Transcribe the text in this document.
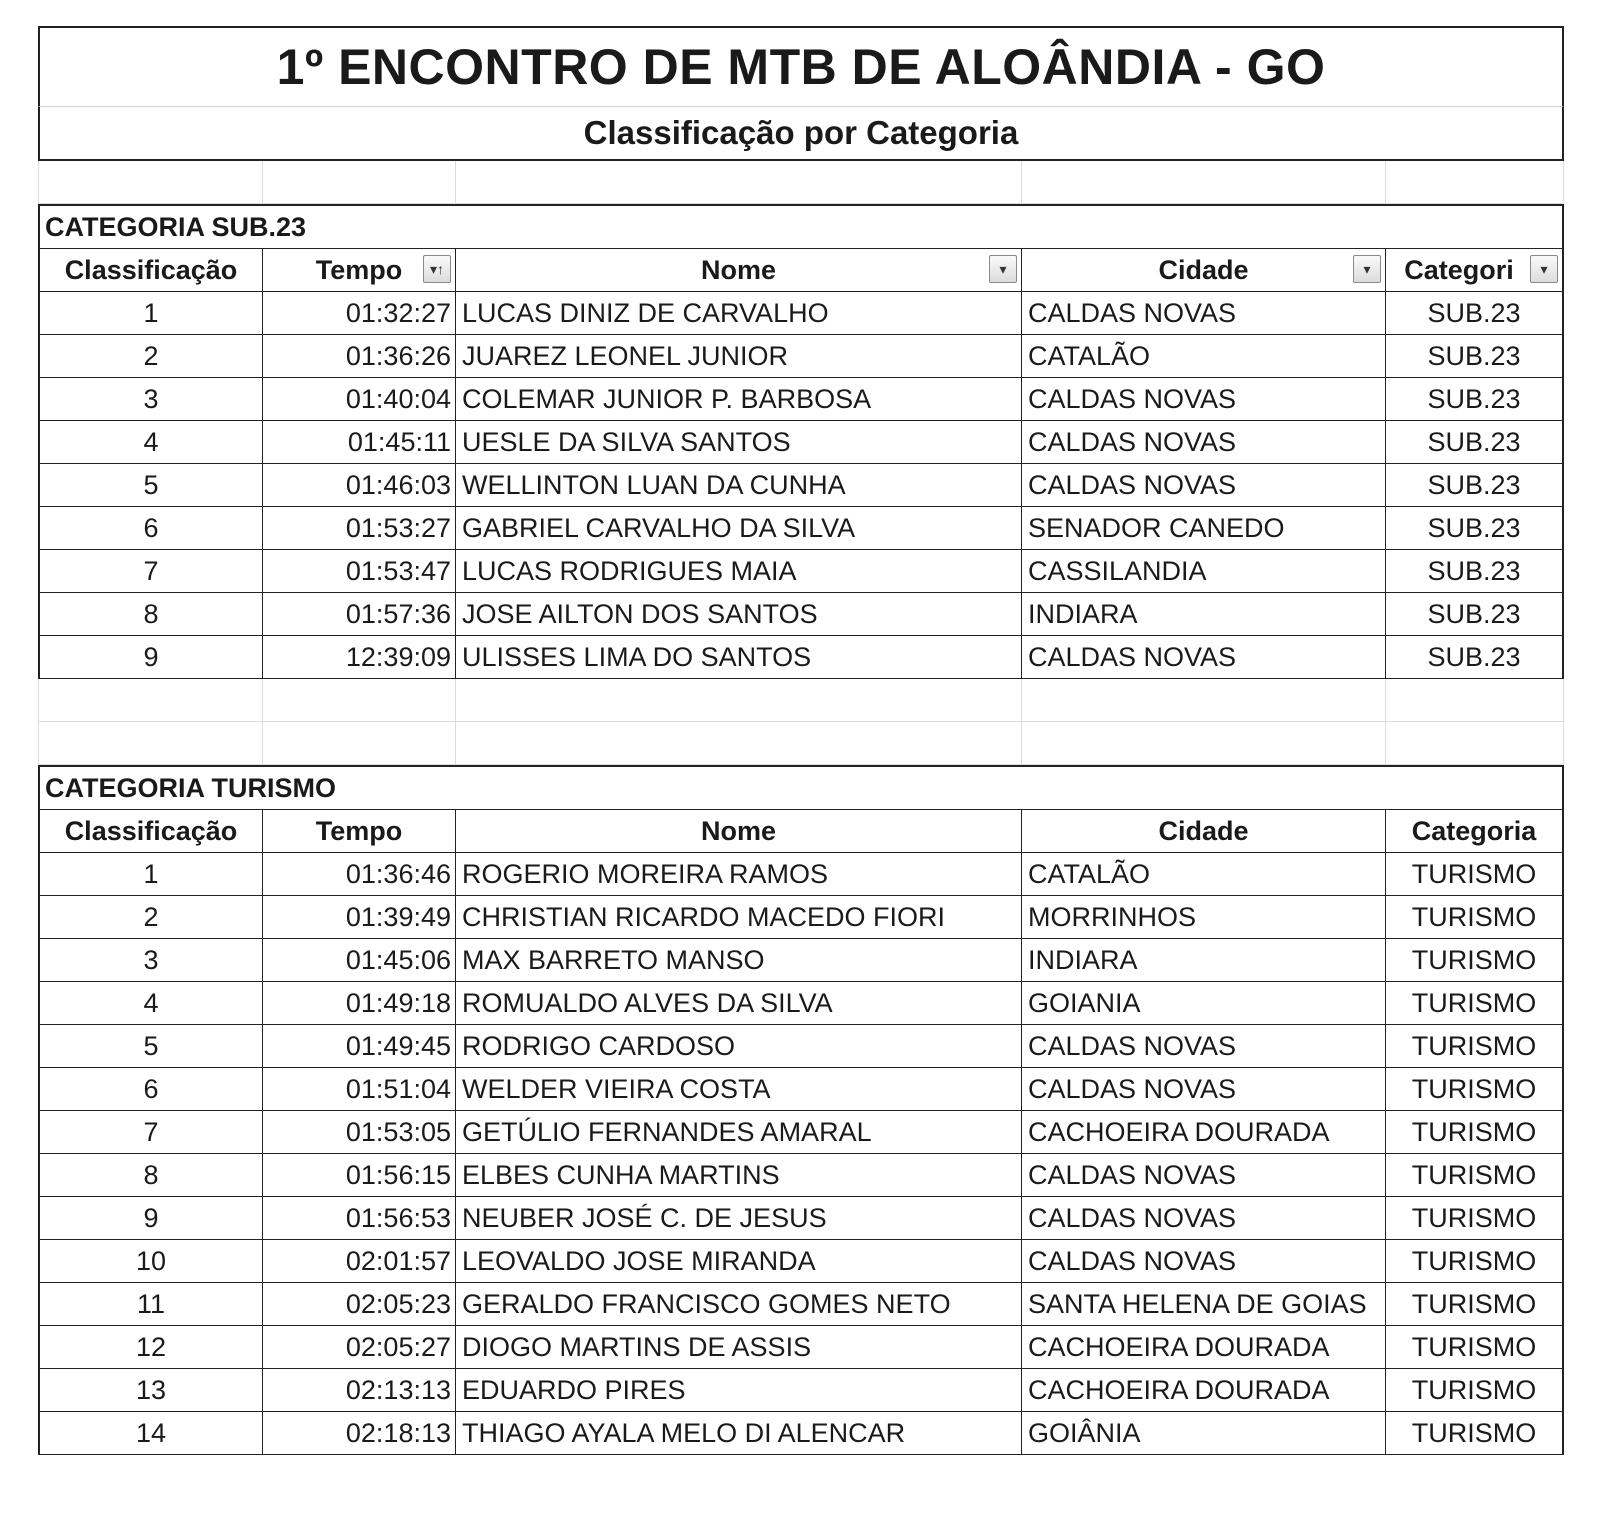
1º ENCONTRO DE MTB DE ALOÂNDIA - GO
Classificação por Categoria
CATEGORIA SUB.23
Classificação	Tempo	▾↑	Nome	▾	Cidade	▾	Categori	▾
1	01:32:27 LUCAS DINIZ DE CARVALHO	CALDAS NOVAS	SUB.23
2	01:36:26 JUAREZ LEONEL JUNIOR	CATALÃO	SUB.23
3	01:40:04 COLEMAR JUNIOR P. BARBOSA	CALDAS NOVAS	SUB.23
4	01:45:11 UESLE DA SILVA SANTOS	CALDAS NOVAS	SUB.23
5	01:46:03 WELLINTON LUAN DA CUNHA	CALDAS NOVAS	SUB.23
6	01:53:27 GABRIEL CARVALHO DA SILVA	SENADOR CANEDO	SUB.23
7	01:53:47 LUCAS RODRIGUES MAIA	CASSILANDIA	SUB.23
8	01:57:36 JOSE AILTON DOS SANTOS	INDIARA	SUB.23
9	12:39:09 ULISSES LIMA DO SANTOS	CALDAS NOVAS	SUB.23
CATEGORIA TURISMO
Classificação	Tempo	Nome	Cidade	Categoria
1	01:36:46 ROGERIO MOREIRA RAMOS	CATALÃO	TURISMO
2	01:39:49 CHRISTIAN RICARDO MACEDO FIORI	MORRINHOS	TURISMO
3	01:45:06 MAX BARRETO MANSO	INDIARA	TURISMO
4	01:49:18 ROMUALDO ALVES DA SILVA	GOIANIA	TURISMO
5	01:49:45 RODRIGO CARDOSO	CALDAS NOVAS	TURISMO
6	01:51:04 WELDER VIEIRA COSTA	CALDAS NOVAS	TURISMO
7	01:53:05 GETÚLIO FERNANDES AMARAL	CACHOEIRA DOURADA	TURISMO
8	01:56:15 ELBES CUNHA MARTINS	CALDAS NOVAS	TURISMO
9	01:56:53 NEUBER JOSÉ C. DE JESUS	CALDAS NOVAS	TURISMO
10	02:01:57 LEOVALDO JOSE MIRANDA	CALDAS NOVAS	TURISMO
11	02:05:23 GERALDO FRANCISCO GOMES NETO	SANTA HELENA DE GOIAS	TURISMO
12	02:05:27 DIOGO MARTINS DE ASSIS	CACHOEIRA DOURADA	TURISMO
13	02:13:13 EDUARDO PIRES	CACHOEIRA DOURADA	TURISMO
14	02:18:13 THIAGO AYALA MELO DI ALENCAR	GOIÂNIA	TURISMO
